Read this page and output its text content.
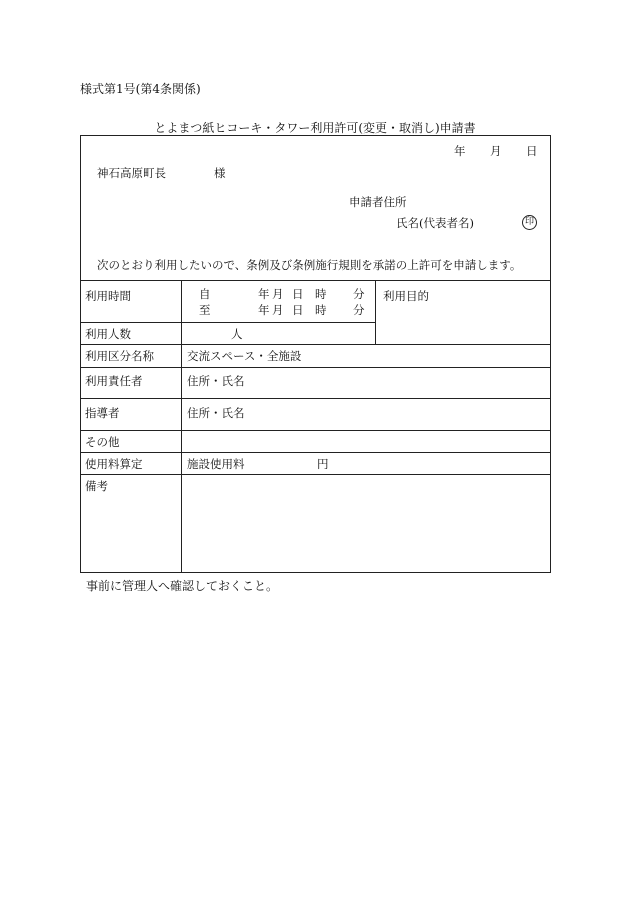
様式第1号(第4条関係)
とよまつ紙ヒコーキ・タワー利用許可(変更・取消し)申請書
年 月 日
神石高原町長	様
申請者住所
氏名(代表者名)	印
次のとおり利用したいので、条例及び条例施行規則を承諾の上許可を申請します。
利用時間	自	年 月 日 時 分
至	年 月 日 時 分
利用目的
利用人数	人
利用区分名称	交流スペース・全施設
利用責任者	住所・氏名
指導者	住所・氏名
その他
使用料算定	施設使用料	円
備考
事前に管理人へ確認しておくこと。
